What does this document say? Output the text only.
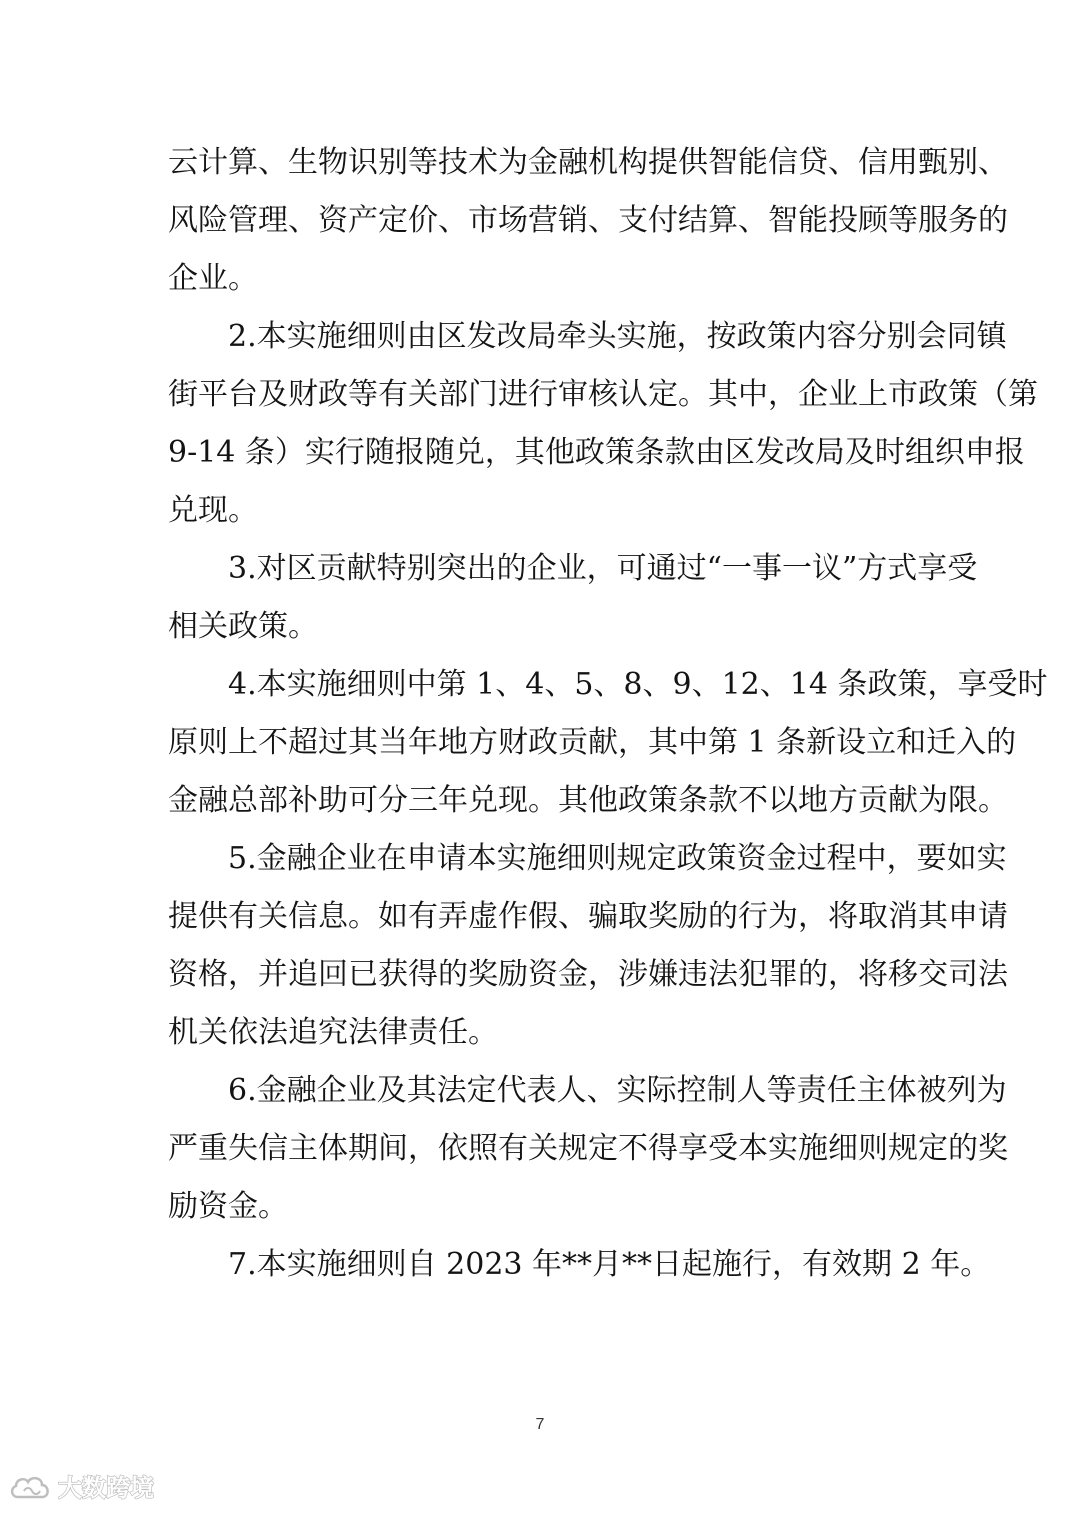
云计算、生物识别等技术为金融机构提供智能信贷、信用甄别、
风险管理、资产定价、市场营销、支付结算、智能投顾等服务的
企业。
　　2.本实施细则由区发改局牵头实施，按政策内容分别会同镇
街平台及财政等有关部门进行审核认定。其中，企业上市政策（第
9-14 条）实行随报随兑，其他政策条款由区发改局及时组织申报
兑现。
　　3.对区贡献特别突出的企业，可通过“一事一议”方式享受
相关政策。
　　4.本实施细则中第 1、4、5、8、9、12、14 条政策，享受时
原则上不超过其当年地方财政贡献，其中第 1 条新设立和迁入的
金融总部补助可分三年兑现。其他政策条款不以地方贡献为限。
　　5.金融企业在申请本实施细则规定政策资金过程中，要如实
提供有关信息。如有弄虚作假、骗取奖励的行为，将取消其申请
资格，并追回已获得的奖励资金，涉嫌违法犯罪的，将移交司法
机关依法追究法律责任。
　　6.金融企业及其法定代表人、实际控制人等责任主体被列为
严重失信主体期间，依照有关规定不得享受本实施细则规定的奖
励资金。
　　7.本实施细则自 2023 年**月**日起施行，有效期 2 年。
7
大数跨境
